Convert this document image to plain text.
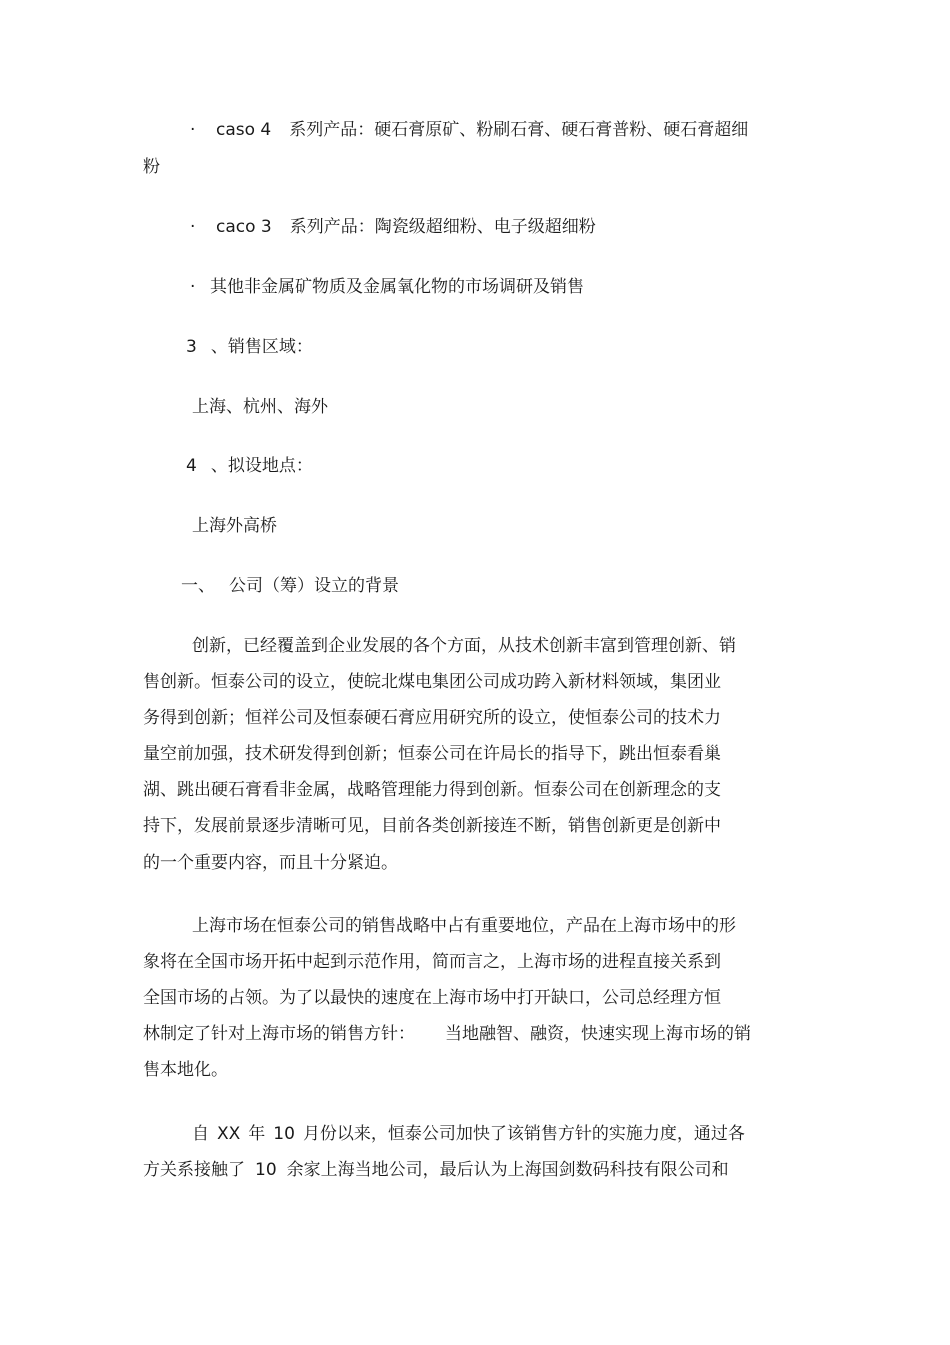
· caso 4 系列产品：硬石膏原矿、粉刷石膏、硬石膏普粉、硬石膏超细
粉
· caco 3 系列产品：陶瓷级超细粉、电子级超细粉
· 其他非金属矿物质及金属氧化物的市场调研及销售
3 、销售区域：
上海、杭州、海外
4 、拟设地点：
上海外高桥
一、 公司（筹）设立的背景
创新，已经覆盖到企业发展的各个方面，从技术创新丰富到管理创新、销
售创新。恒泰公司的设立，使皖北煤电集团公司成功跨入新材料领域，集团业
务得到创新；恒祥公司及恒泰硬石膏应用研究所的设立，使恒泰公司的技术力
量空前加强，技术研发得到创新；恒泰公司在许局长的指导下，跳出恒泰看巢
湖、跳出硬石膏看非金属，战略管理能力得到创新。恒泰公司在创新理念的支
持下，发展前景逐步清晰可见，目前各类创新接连不断，销售创新更是创新中
的一个重要内容，而且十分紧迫。
上海市场在恒泰公司的销售战略中占有重要地位，产品在上海市场中的形
象将在全国市场开拓中起到示范作用，简而言之，上海市场的进程直接关系到
全国市场的占领。为了以最快的速度在上海市场中打开缺口，公司总经理方恒
林制定了针对上海市场的销售方针： 当地融智、融资，快速实现上海市场的销
售本地化。
自 XX 年 10 月份以来，恒泰公司加快了该销售方针的实施力度，通过各
方关系接触了 10 余家上海当地公司，最后认为上海国剑数码科技有限公司和
